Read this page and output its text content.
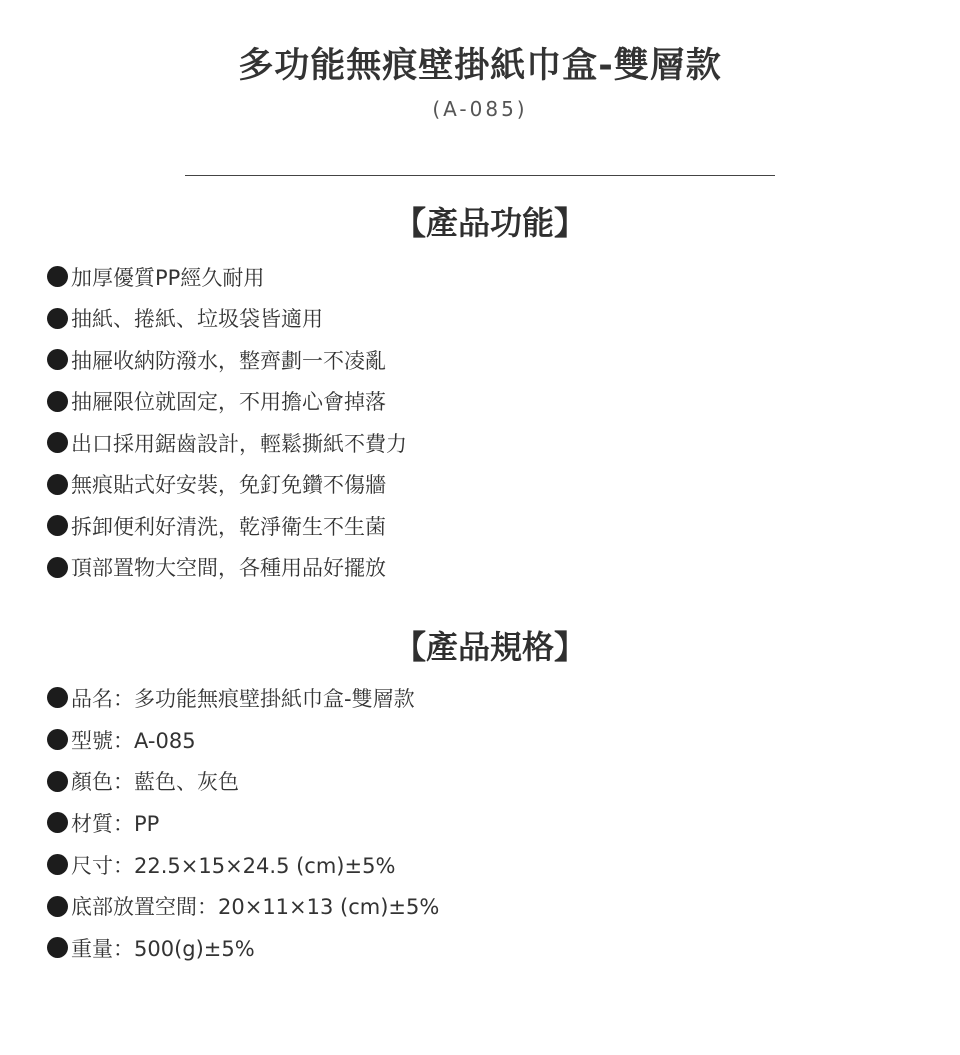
多功能無痕壁掛紙巾盒-雙層款
(A-085)
【產品功能】
加厚優質PP經久耐用
抽紙、捲紙、垃圾袋皆適用
抽屜收納防潑水，整齊劃一不凌亂
抽屜限位就固定，不用擔心會掉落
出口採用鋸齒設計，輕鬆撕紙不費力
無痕貼式好安裝，免釘免鑽不傷牆
拆卸便利好清洗，乾淨衛生不生菌
頂部置物大空間，各種用品好擺放
【產品規格】
品名：多功能無痕壁掛紙巾盒-雙層款
型號：A-085
顏色：藍色、灰色
材質：PP
尺寸：22.5×15×24.5 (cm)±5%
底部放置空間：20×11×13 (cm)±5%
重量：500(g)±5%
